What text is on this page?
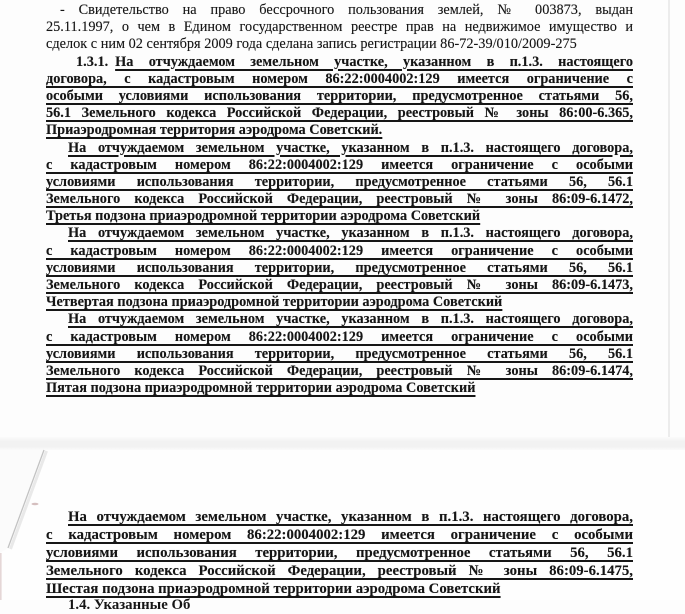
- Свидетельство на право бессрочного пользования землей, № 003873, выдан
25.11.1997, о чем в Едином государственном реестре прав на недвижимое имущество и
сделок с ним 02 сентября 2009 года сделана запись регистрации 86-72-39/010/2009-275
1.3.1. На отчуждаемом земельном участке, указанном в п.1.3. настоящего
договора, с кадастровым номером 86:22:0004002:129 имеется ограничение с
особыми условиями использования территории, предусмотренное статьями 56,
56.1 Земельного кодекса Российской Федерации, реестровый № зоны 86:00-6.365,
Приаэродромная территория аэродрома Советский.
На отчуждаемом земельном участке, указанном в п.1.3. настоящего договора,
с кадастровым номером 86:22:0004002:129 имеется ограничение с особыми
условиями использования территории, предусмотренное статьями 56, 56.1
Земельного кодекса Российской Федерации, реестровый № зоны 86:09-6.1472,
Третья подзона приаэродромной территории аэродрома Советский
На отчуждаемом земельном участке, указанном в п.1.3. настоящего договора,
с кадастровым номером 86:22:0004002:129 имеется ограничение с особыми
условиями использования территории, предусмотренное статьями 56, 56.1
Земельного кодекса Российской Федерации, реестровый № зоны 86:09-6.1473,
Четвертая подзона приаэродромной территории аэродрома Советский
На отчуждаемом земельном участке, указанном в п.1.3. настоящего договора,
с кадастровым номером 86:22:0004002:129 имеется ограничение с особыми
условиями использования территории, предусмотренное статьями 56, 56.1
Земельного кодекса Российской Федерации, реестровый № зоны 86:09-6.1474,
Пятая подзона приаэродромной территории аэродрома Советский
На отчуждаемом земельном участке, указанном в п.1.3. настоящего договора,
с кадастровым номером 86:22:0004002:129 имеется ограничение с особыми
условиями использования территории, предусмотренное статьями 56, 56.1
Земельного кодекса Российской Федерации, реестровый № зоны 86:09-6.1475,
Шестая подзона приаэродромной территории аэродрома Советский
1.4. Указанные Об
